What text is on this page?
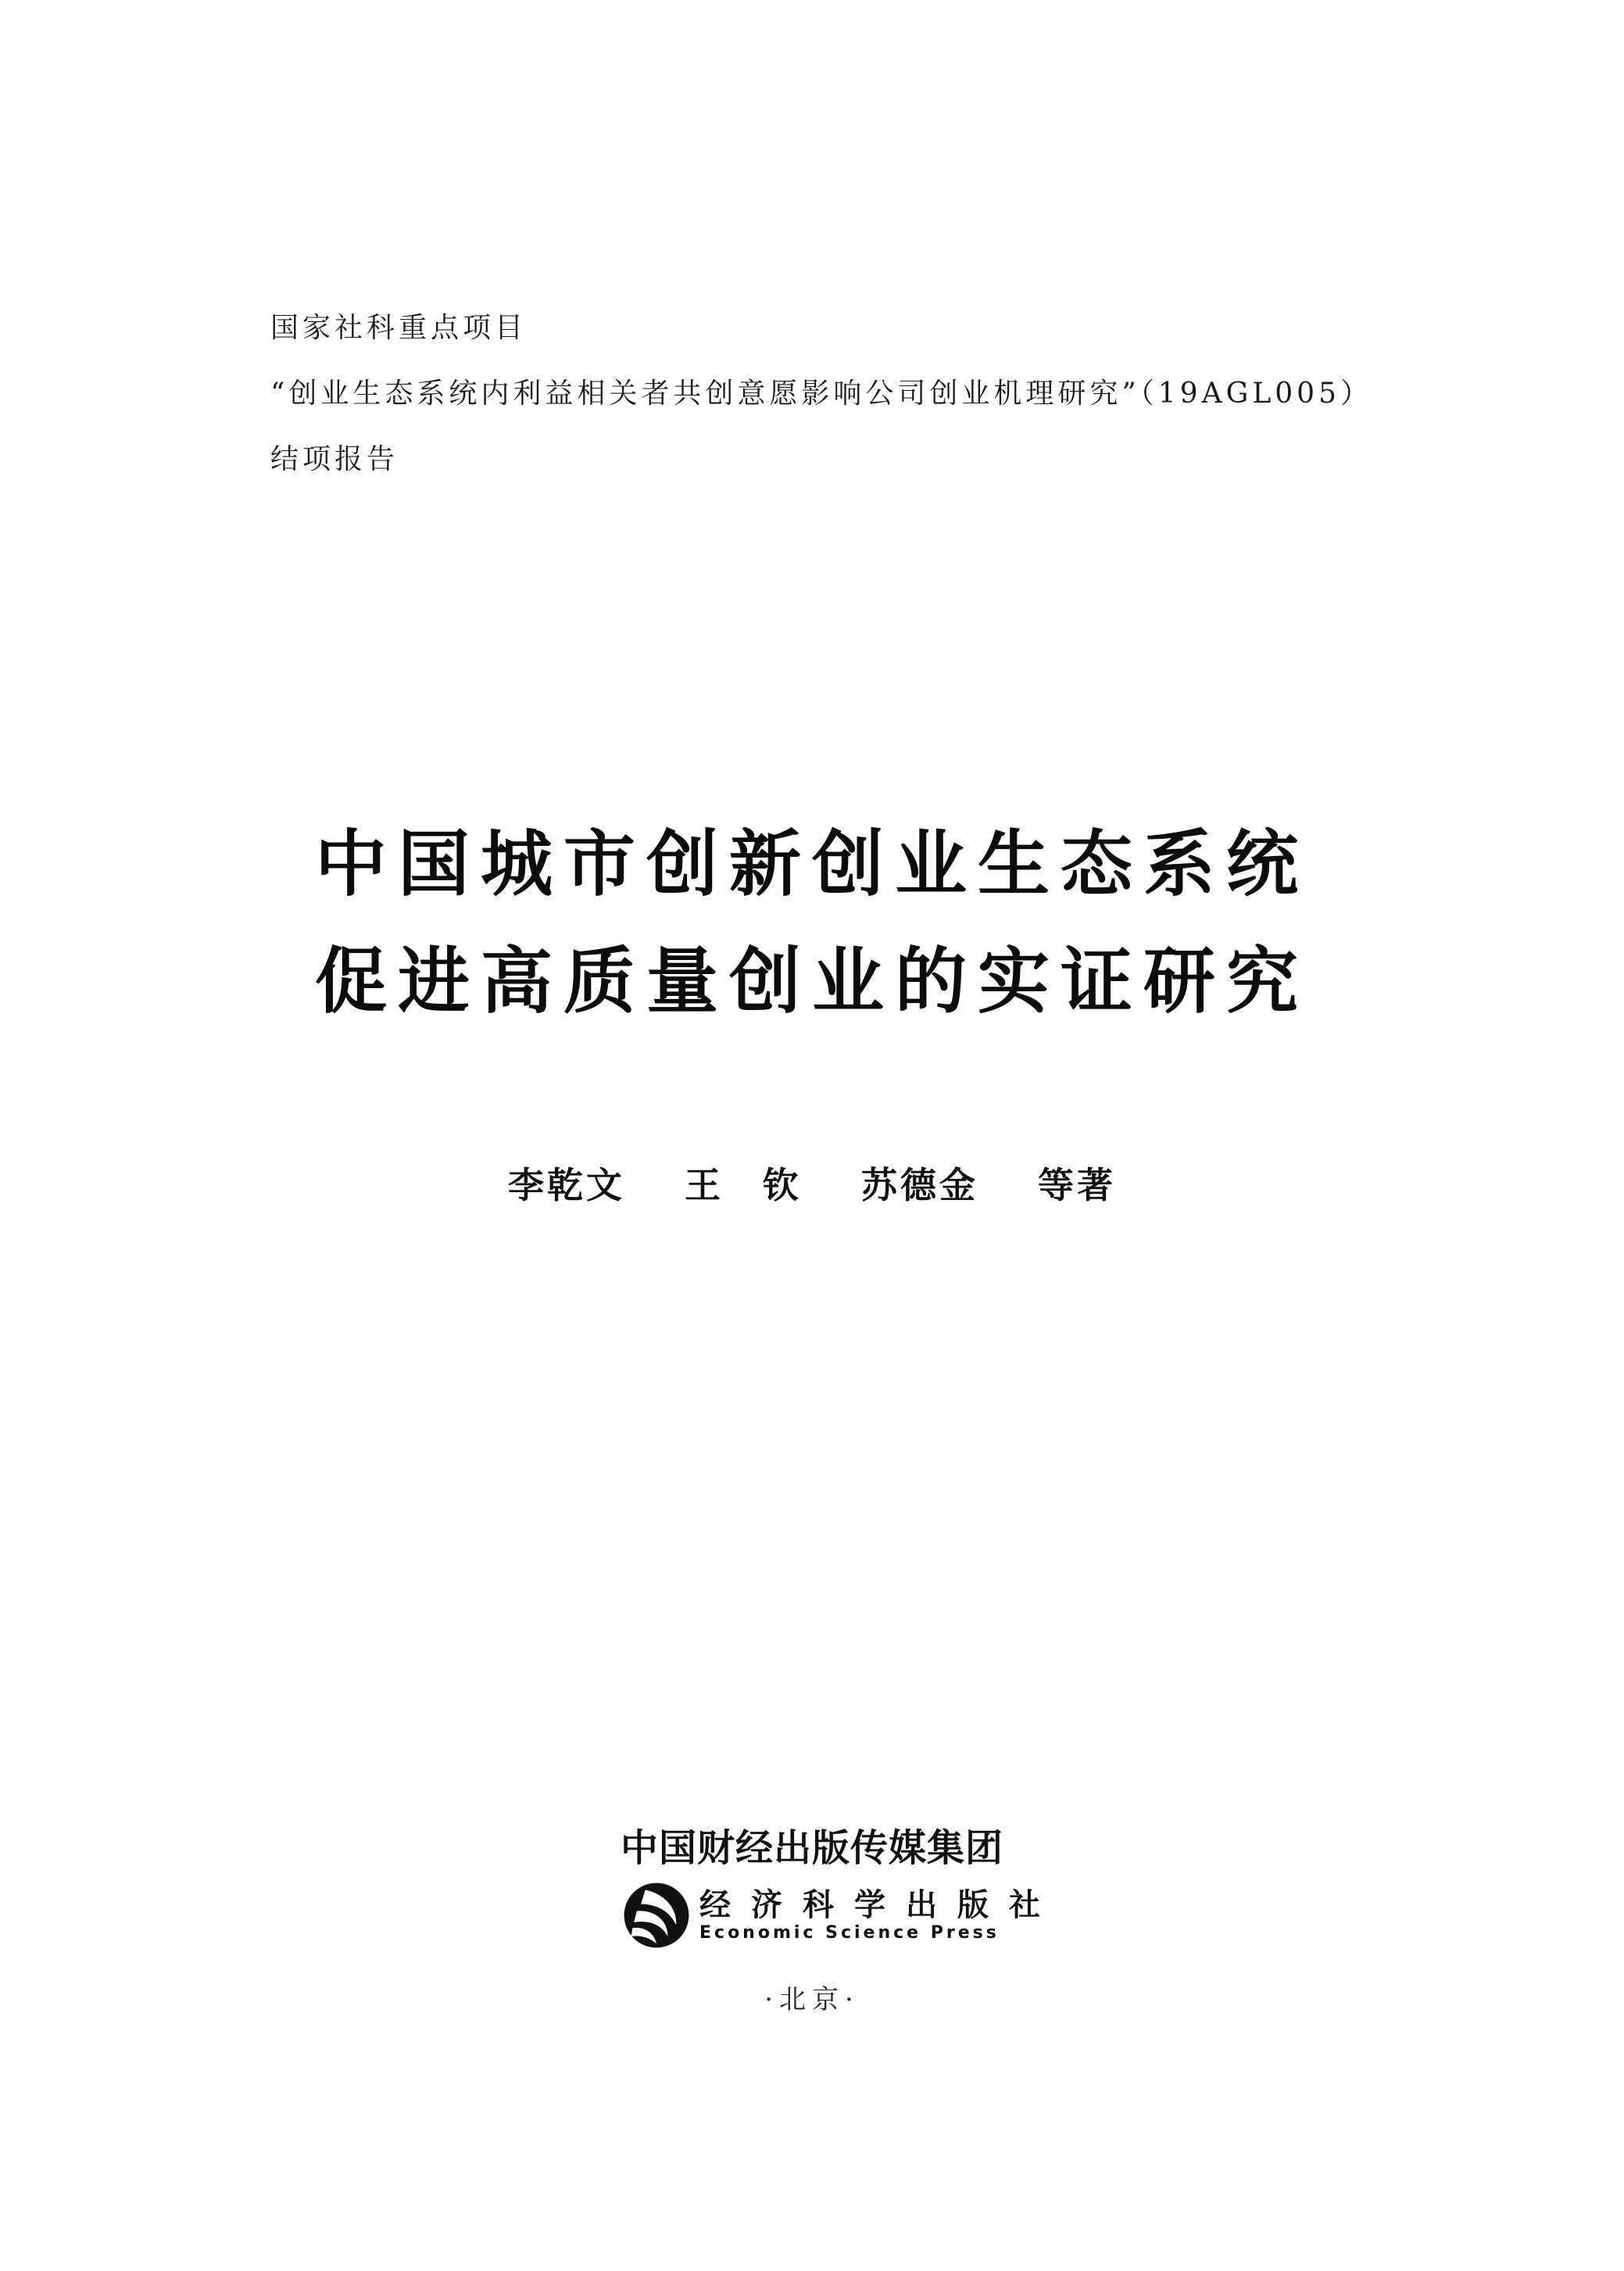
国家社科重点项目
“创业生态系统内利益相关者共创意愿影响公司创业机理研究”（19AGL005）
结项报告
中国城市创新创业生态系统
促进高质量创业的实证研究
李乾文 王　钦 苏德金 等著
中国财经出版传媒集团
经济科学出版社
Economic Science Press
·北京·
